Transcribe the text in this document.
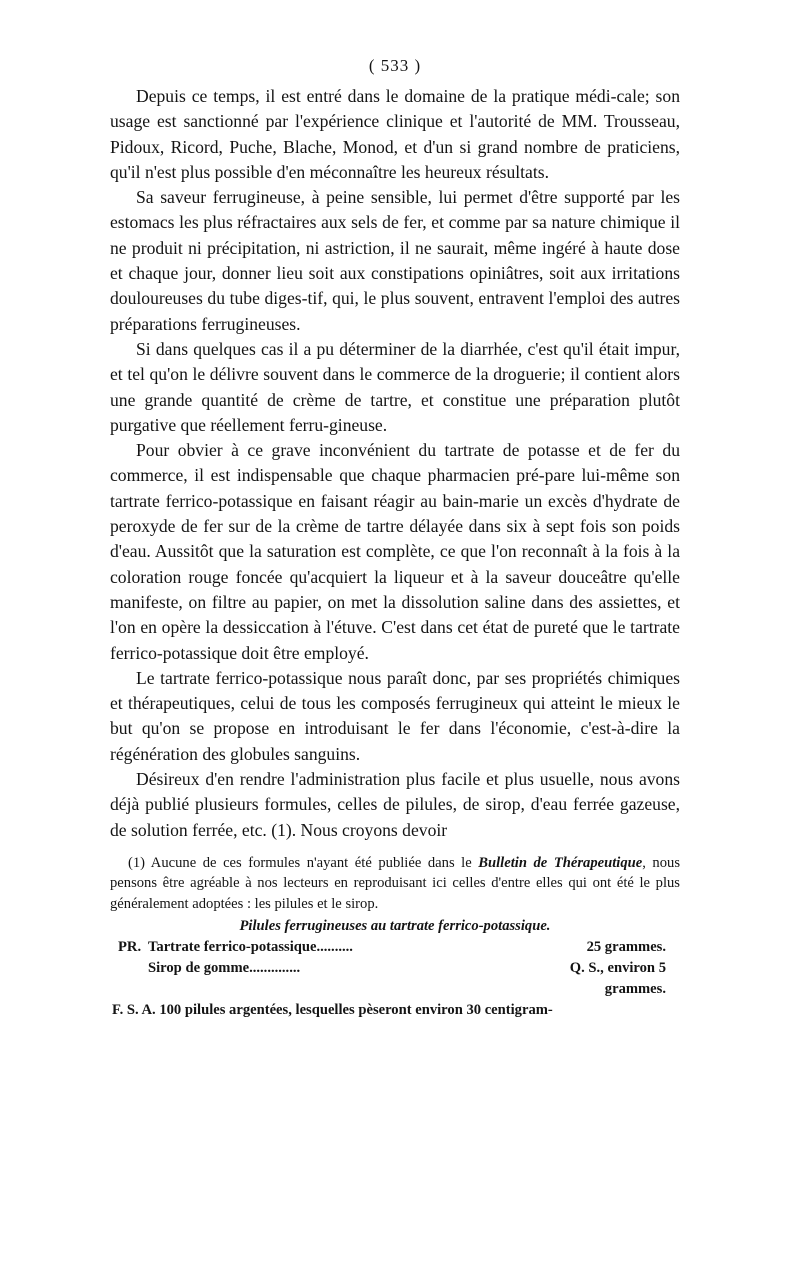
( 533 )

Depuis ce temps, il est entré dans le domaine de la pratique médi-cale; son usage est sanctionné par l'expérience clinique et l'autorité de MM. Trousseau, Pidoux, Ricord, Puche, Blache, Monod, et d'un si grand nombre de praticiens, qu'il n'est plus possible d'en méconnaître les heureux résultats.

Sa saveur ferrugineuse, à peine sensible, lui permet d'être supporté par les estomacs les plus réfractaires aux sels de fer, et comme par sa nature chimique il ne produit ni précipitation, ni astriction, il ne saurait, même ingéré à haute dose et chaque jour, donner lieu soit aux constipations opiniâtres, soit aux irritations douloureuses du tube diges-tif, qui, le plus souvent, entravent l'emploi des autres préparations ferrugineuses.

Si dans quelques cas il a pu déterminer de la diarrhée, c'est qu'il était impur, et tel qu'on le délivre souvent dans le commerce de la droguerie; il contient alors une grande quantité de crème de tartre, et constitue une préparation plutôt purgative que réellement ferru-gineuse.

Pour obvier à ce grave inconvénient du tartrate de potasse et de fer du commerce, il est indispensable que chaque pharmacien pré-pare lui-même son tartrate ferrico-potassique en faisant réagir au bain-marie un excès d'hydrate de peroxyde de fer sur de la crème de tartre délayée dans six à sept fois son poids d'eau. Aussitôt que la saturation est complète, ce que l'on reconnaît à la fois à la coloration rouge foncée qu'acquiert la liqueur et à la saveur douceâtre qu'elle manifeste, on filtre au papier, on met la dissolution saline dans des assiettes, et l'on en opère la dessiccation à l'étuve. C'est dans cet état de pureté que le tartrate ferrico-potassique doit être employé.

Le tartrate ferrico-potassique nous paraît donc, par ses propriétés chimiques et thérapeutiques, celui de tous les composés ferrugineux qui atteint le mieux le but qu'on se propose en introduisant le fer dans l'économie, c'est-à-dire la régénération des globules sanguins.

Désireux d'en rendre l'administration plus facile et plus usuelle, nous avons déjà publié plusieurs formules, celles de pilules, de sirop, d'eau ferrée gazeuse, de solution ferrée, etc. (1). Nous croyons devoir

(1) Aucune de ces formules n'ayant été publiée dans le Bulletin de Thérapeutique, nous pensons être agréable à nos lecteurs en reproduisant ici celles d'entre elles qui ont été le plus généralement adoptées : les pilules et le sirop.

Pilules ferrugineuses au tartrate ferrico-potassique.
PR. Tartrate ferrico-potassique..........	25 grammes.
Sirop de gomme..............	Q. S., environ 5 grammes.
F. S. A. 100 pilules argentées, lesquelles pèseront environ 30 centigram-
